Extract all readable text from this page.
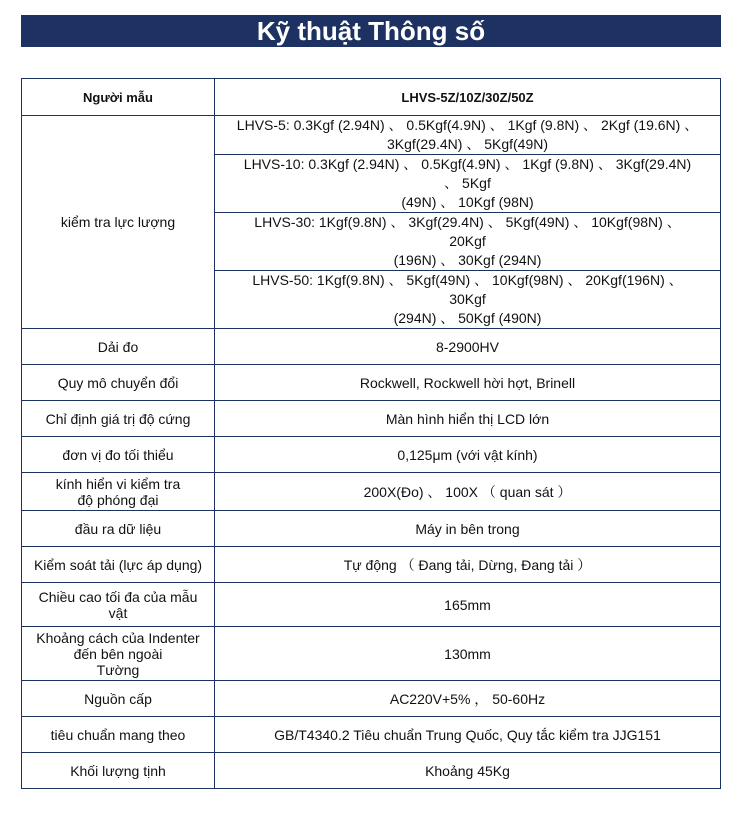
Kỹ thuật Thông số
Người mẫu	LHVS-5Z/10Z/30Z/50Z
kiểm tra lực lượng	LHVS-5: 0.3Kgf (2.94N) 、 0.5Kgf(4.9N) 、 1Kgf (9.8N) 、 2Kgf (19.6N) 、
3Kgf(29.4N) 、 5Kgf(49N)
	LHVS-10: 0.3Kgf (2.94N) 、 0.5Kgf(4.9N) 、 1Kgf (9.8N) 、 3Kgf(29.4N)
、 5Kgf
(49N) 、 10Kgf (98N)
	LHVS-30: 1Kgf(9.8N) 、 3Kgf(29.4N) 、 5Kgf(49N) 、 10Kgf(98N) 、
20Kgf
(196N) 、 30Kgf (294N)
	LHVS-50: 1Kgf(9.8N) 、 5Kgf(49N) 、 10Kgf(98N) 、 20Kgf(196N) 、
30Kgf
(294N) 、 50Kgf (490N)
Dải đo	8-2900HV
Quy mô chuyển đổi	Rockwell, Rockwell hời hợt, Brinell
Chỉ định giá trị độ cứng	Màn hình hiển thị LCD lớn
đơn vị đo tối thiểu	0,125μm (với vật kính)
kính hiển vi kiểm tra
độ phóng đại	200X(Đo) 、 100X （ quan sát ）
đầu ra dữ liệu	Máy in bên trong
Kiểm soát tải (lực áp dụng)	Tự động （ Đang tải, Dừng, Đang tải ）
Chiều cao tối đa của mẫu
vật	165mm
Khoảng cách của Indenter
đến bên ngoài
Tường	130mm
Nguồn cấp	AC220V+5% ， 50-60Hz
tiêu chuẩn mang theo	GB/T4340.2 Tiêu chuẩn Trung Quốc, Quy tắc kiểm tra JJG151
Khối lượng tịnh	Khoảng 45Kg
